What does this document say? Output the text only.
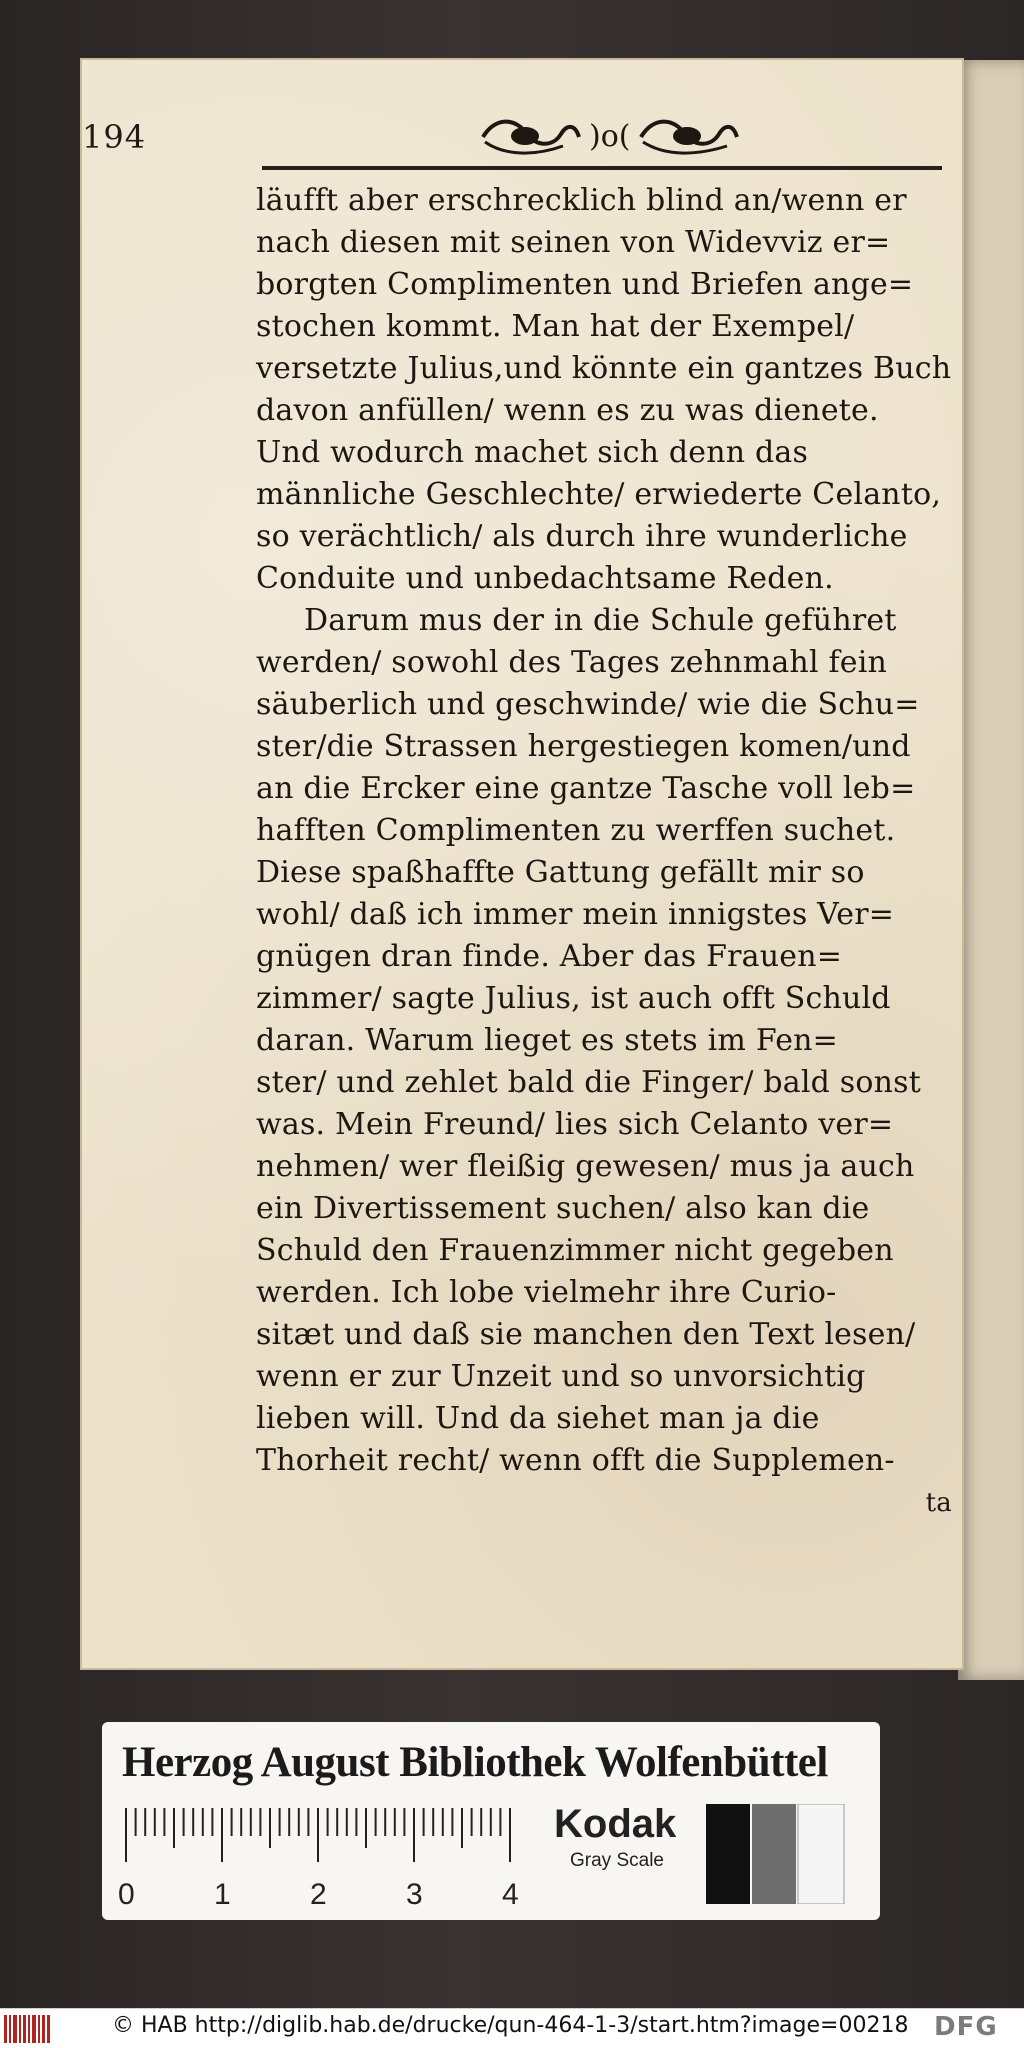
194	)o(
läufft aber erschrecklich blind an/wenn er
nach diesen mit seinen von Widevviz er=
borgten Complimenten und Briefen ange=
stochen kommt. Man hat der Exempel/
versetzte Julius,und könnte ein gantzes Buch
davon anfüllen/ wenn es zu was dienete.
Und wodurch machet sich denn das
männliche Geschlechte/ erwiederte Celanto,
so verächtlich/ als durch ihre wunderliche
Conduite und unbedachtsame Reden.
Darum mus der in die Schule geführet
werden/ sowohl des Tages zehnmahl fein
säuberlich und geschwinde/ wie die Schu=
ster/die Strassen hergestiegen komen/und
an die Ercker eine gantze Tasche voll leb=
hafften Complimenten zu werffen suchet.
Diese spaßhaffte Gattung gefällt mir so
wohl/ daß ich immer mein innigstes Ver=
gnügen dran finde. Aber das Frauen=
zimmer/ sagte Julius, ist auch offt Schuld
daran. Warum lieget es stets im Fen=
ster/ und zehlet bald die Finger/ bald sonst
was. Mein Freund/ lies sich Celanto ver=
nehmen/ wer fleißig gewesen/ mus ja auch
ein Divertissement suchen/ also kan die
Schuld den Frauenzimmer nicht gegeben
werden. Ich lobe vielmehr ihre Curio-
sitæt und daß sie manchen den Text lesen/
wenn er zur Unzeit und so unvorsichtig
lieben will. Und da siehet man ja die
Thorheit recht/ wenn offt die Supplemen-
ta
Herzog August Bibliothek Wolfenbüttel
0	1	2	3	4
Kodak
Gray Scale
© HAB http://diglib.hab.de/drucke/qun-464-1-3/start.htm?image=00218 DFG
